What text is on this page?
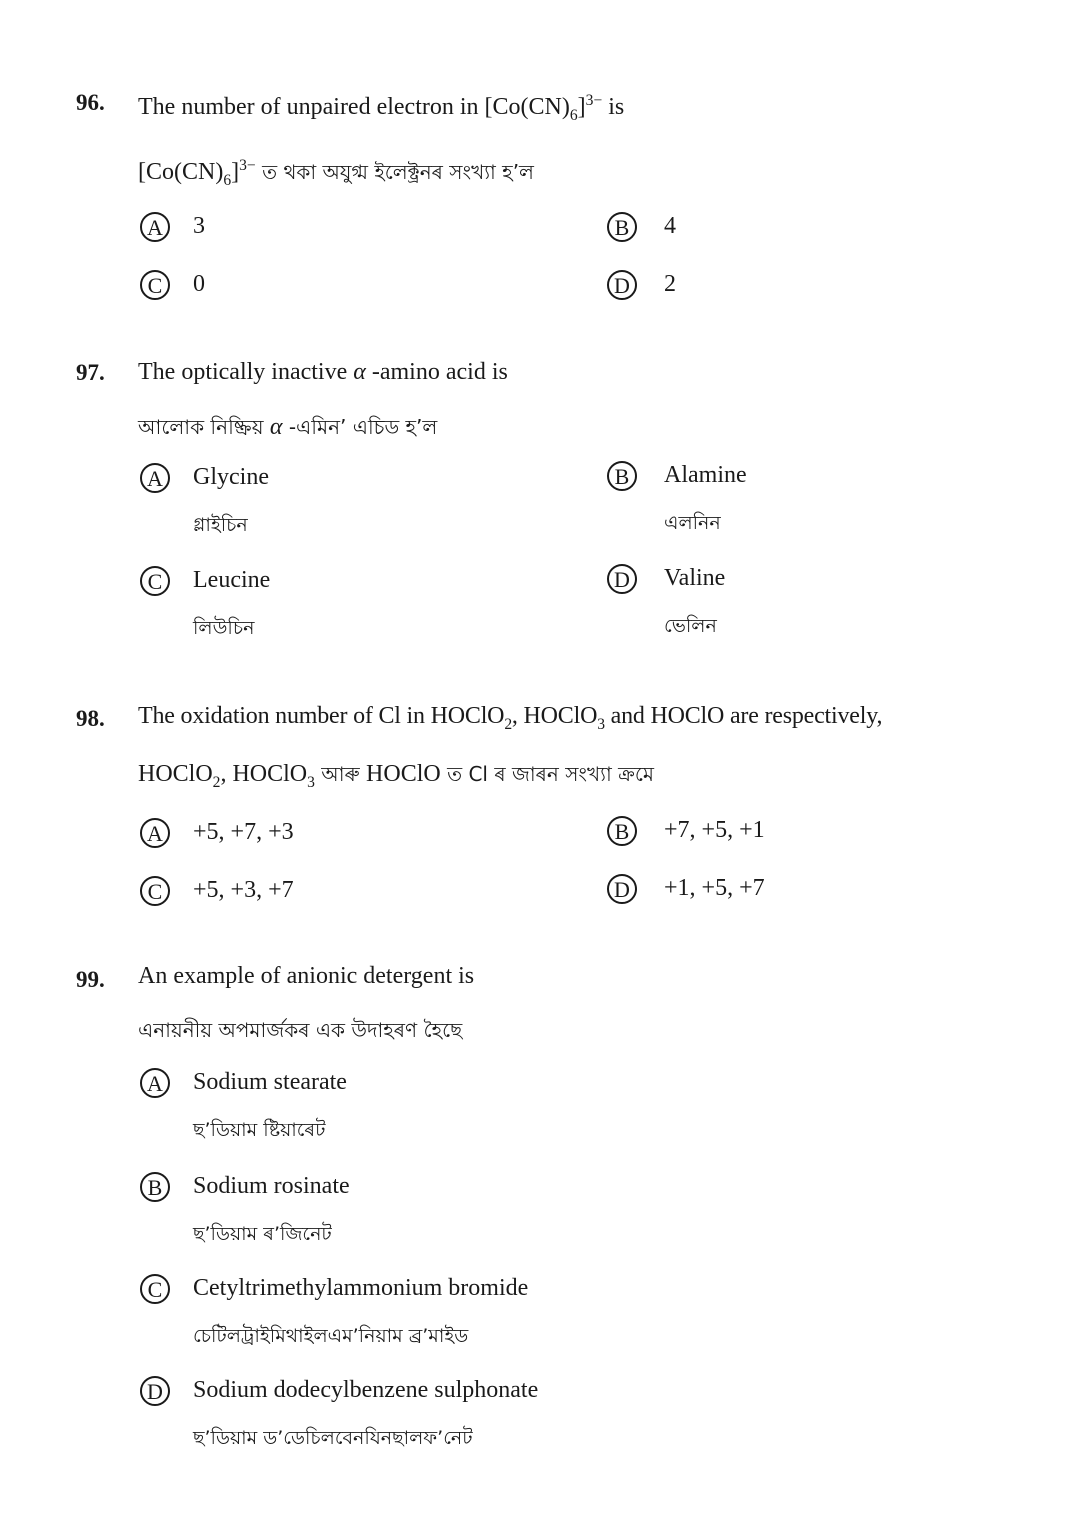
96. The number of unpaired electron in $[Co(CN)_6]^{3-}$ is
$[Co(CN)_6]^{3-}$ ত থকা অযুগ্ম ইলেক্ট্ৰনৰ সংখ্যা হ’ল
A 3	B	4
C	0	D 2
97. The optically inactive α -amino acid is
আলোক নিষ্ক্ৰিয় α -এমিন’ এচিড হ’ল
A Glycine
গ্লাইচিন
B	Alamine
এলনিন
C	Leucine
লিউচিন
D Valine
ভেলিন
98. The oxidation number of Cl in HOClO$_2$, HOClO$_3$ and HOClO are respectively,
HOClO$_2$, HOClO$_3$ আৰু HOClO ত Cl ৰ জাৰন সংখ্যা ক্ৰমে
A +5, +7, +3	B	+7, +5, +1
C	+5, +3, +7	D +1, +5, +7
99. An example of anionic detergent is
এনায়নীয় অপমাৰ্জকৰ এক উদাহৰণ হৈছে
A Sodium stearate
ছ’ডিয়াম ষ্টিয়াৰেট
B	Sodium rosinate
ছ’ডিয়াম ৰ’জিনেট
C	Cetyltrimethylammonium bromide
চেটিলট্ৰাইমিথাইলএম’নিয়াম ব্ৰ’মাইড
D Sodium dodecylbenzene sulphonate
ছ’ডিয়াম ড’ডেচিলবেনযিনছালফ’নেট
